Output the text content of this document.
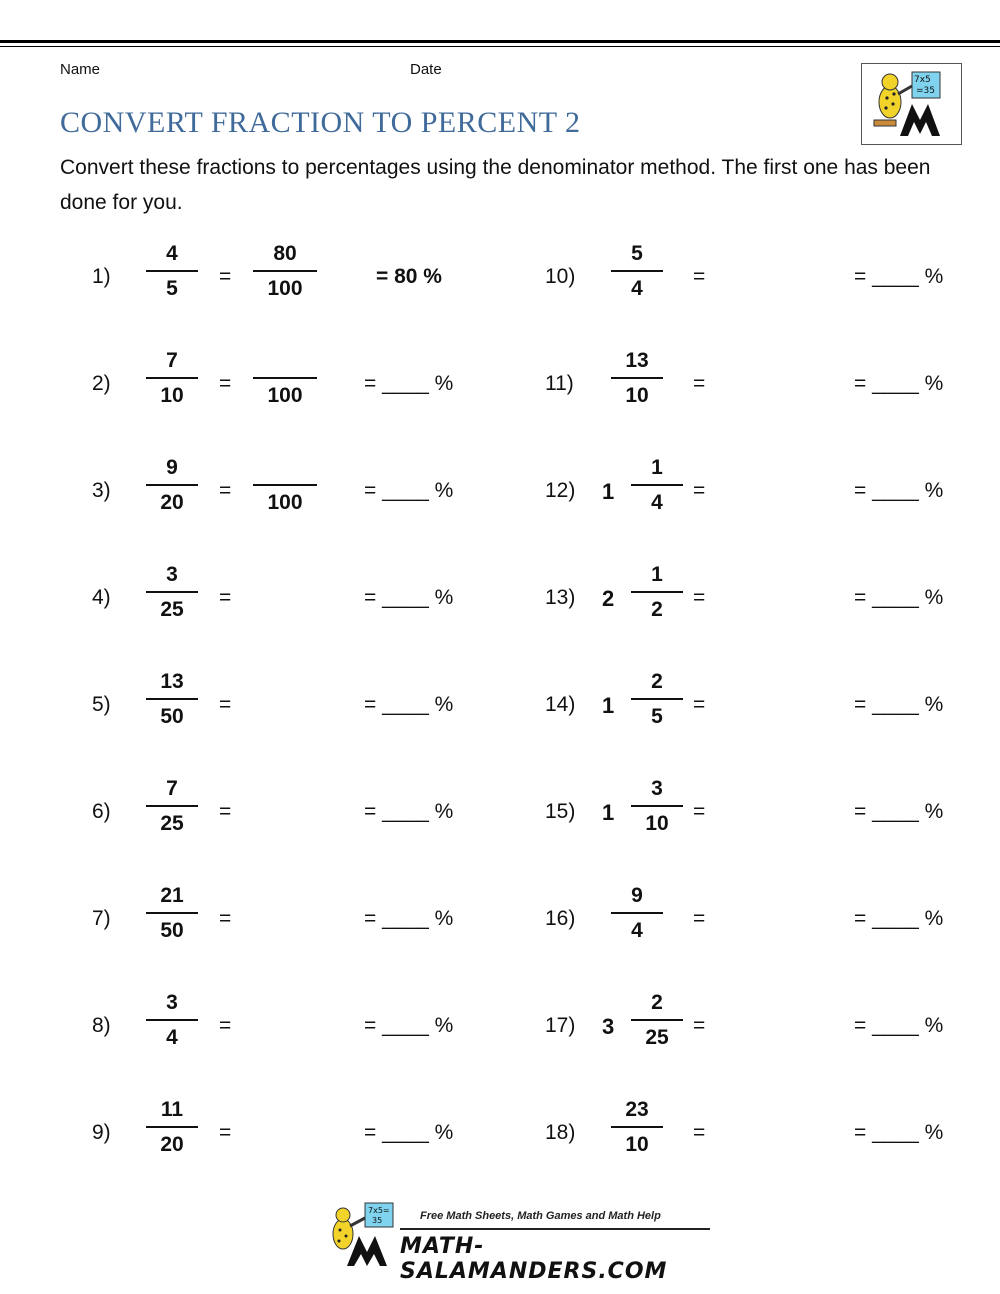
Name	Date
CONVERT FRACTION TO PERCENT 2
Convert these fractions to percentages using the denominator method. The first one has been done for you.
7x5
=35
1)
4
5
=
80
100
= 80 %
2)
7
10
=
100
= ____ %
3)
9
20
=
100
= ____ %
4)
3
25
=	= ____ %
5)
13
50
=	= ____ %
6)
7
25
=	= ____ %
7)
21
50
=	= ____ %
8)
3
4
=	= ____ %
9)
11
20
=	= ____ %
10)
5
4
=	= ____ %
11)
13
10
=	= ____ %
12) 1
1
4
=	= ____ %
13) 2
1
2
=	= ____ %
14) 1
2
5
=	= ____ %
15) 1
3
10
=	= ____ %
16)
9
4
=	= ____ %
17) 3
2
25
=	= ____ %
18)
23
10
=	= ____ %
7x5=
35	Free Math Sheets, Math Games and Math Help
MATH-SALAMANDERS.COM
